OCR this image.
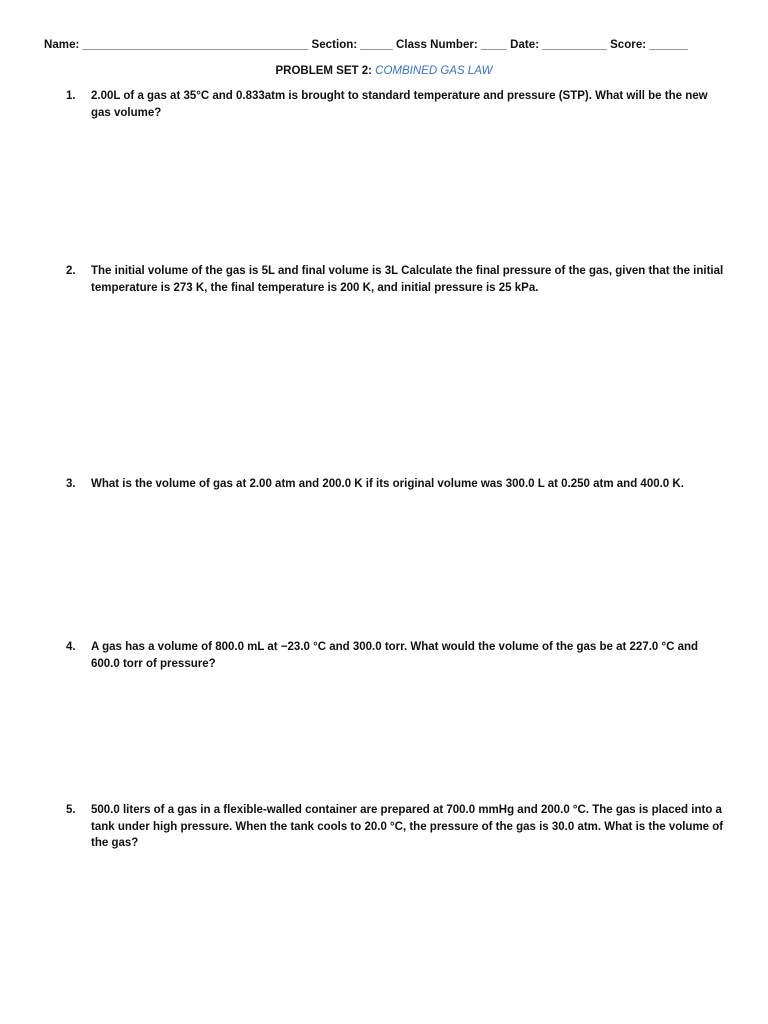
Name: ___________________________________ Section: _____ Class Number: ____ Date: __________ Score: ______
PROBLEM SET 2: COMBINED GAS LAW
1.	2.00L of a gas at 35°C and 0.833atm is brought to standard temperature and pressure (STP). What will be the new gas volume?
2.	The initial volume of the gas is 5L and final volume is 3L Calculate the final pressure of the gas, given that the initial temperature is 273 K, the final temperature is 200 K, and initial pressure is 25 kPa.
3.	What is the volume of gas at 2.00 atm and 200.0 K if its original volume was 300.0 L at 0.250 atm and 400.0 K.
4.	A gas has a volume of 800.0 mL at −23.0 °C and 300.0 torr. What would the volume of the gas be at 227.0 °C and 600.0 torr of pressure?
5.	500.0 liters of a gas in a flexible-walled container are prepared at 700.0 mmHg and 200.0 °C. The gas is placed into a tank under high pressure. When the tank cools to 20.0 °C, the pressure of the gas is 30.0 atm. What is the volume of the gas?
